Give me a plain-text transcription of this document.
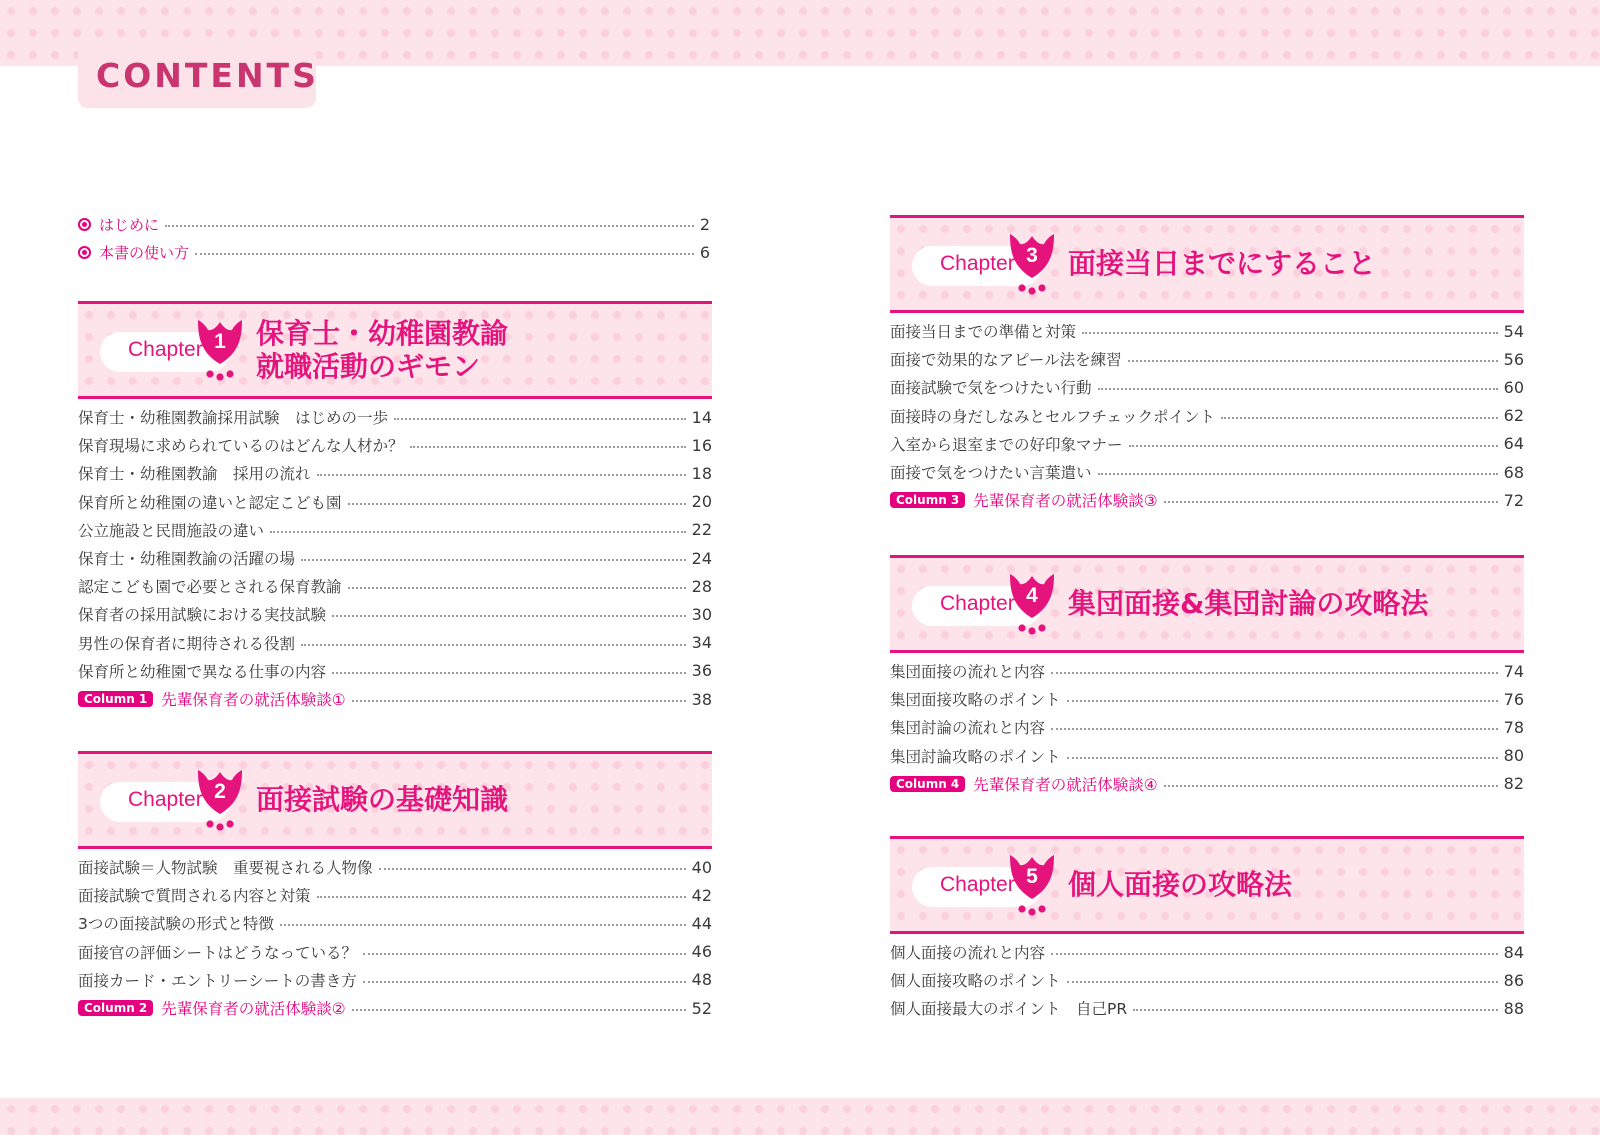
CONTENTS
はじめに	2
本書の使い方	6
Chapter 1	保育士・幼稚園教諭
就職活動のギモン
保育士・幼稚園教諭採用試験　はじめの一歩	14
保育現場に求められているのはどんな人材か？	16
保育士・幼稚園教諭　採用の流れ	18
保育所と幼稚園の違いと認定こども園	20
公立施設と民間施設の違い	22
保育士・幼稚園教諭の活躍の場	24
認定こども園で必要とされる保育教諭	28
保育者の採用試験における実技試験	30
男性の保育者に期待される役割	34
保育所と幼稚園で異なる仕事の内容	36
Column 1 先輩保育者の就活体験談①	38
Chapter 2	面接試験の基礎知識
面接試験＝人物試験　重要視される人物像	40
面接試験で質問される内容と対策	42
3つの面接試験の形式と特徴	44
面接官の評価シートはどうなっている？	46
面接カード・エントリーシートの書き方	48
Column 2 先輩保育者の就活体験談②	52
Chapter 3	面接当日までにすること
面接当日までの準備と対策	54
面接で効果的なアピール法を練習	56
面接試験で気をつけたい行動	60
面接時の身だしなみとセルフチェックポイント	62
入室から退室までの好印象マナー	64
面接で気をつけたい言葉遣い	68
Column 3 先輩保育者の就活体験談③	72
Chapter 4	集団面接&集団討論の攻略法
集団面接の流れと内容	74
集団面接攻略のポイント	76
集団討論の流れと内容	78
集団討論攻略のポイント	80
Column 4 先輩保育者の就活体験談④	82
Chapter 5	個人面接の攻略法
個人面接の流れと内容	84
個人面接攻略のポイント	86
個人面接最大のポイント　自己PR	88
